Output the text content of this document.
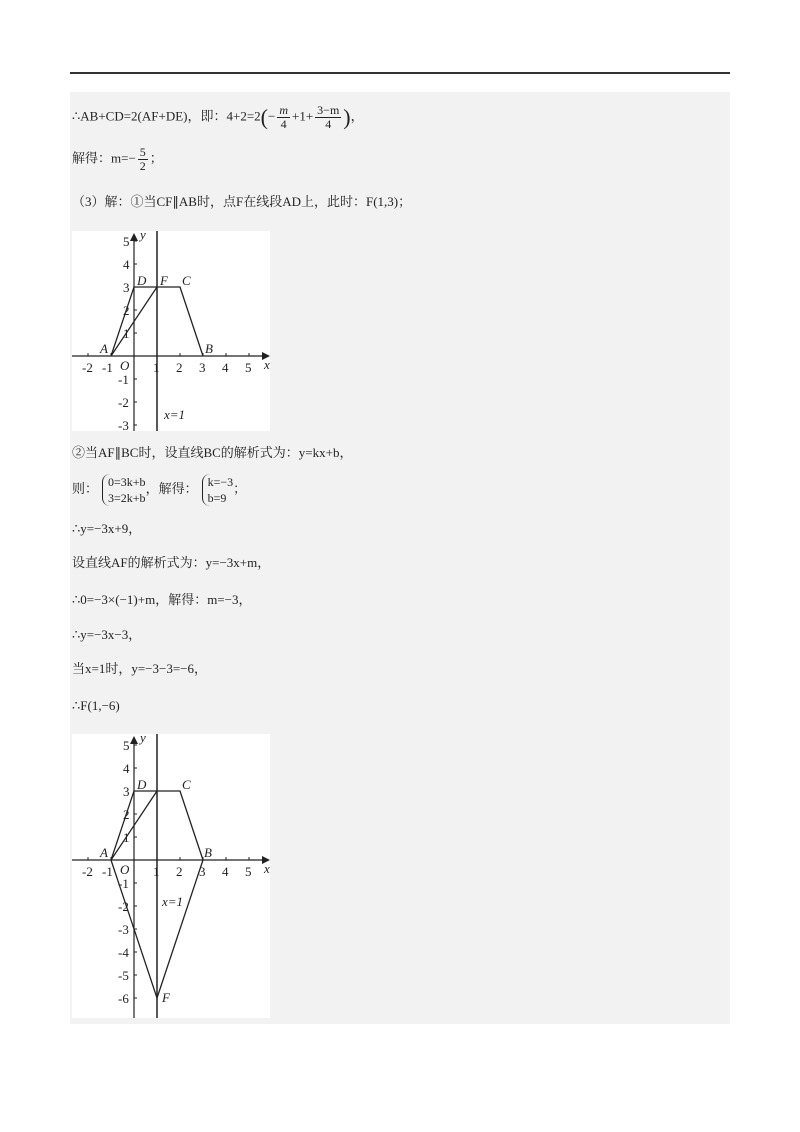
∴AB+CD=2(AF+DE)，即：$4+2=2(- \frac{m}{4} +1+ \frac{3-m}{4}$ )，
解得：$m=- \frac{5}{2}$ ；
（3）解：①当CF∥AB时，点F在线段AD上，此时：F(1,3)；
-2 -1	1 2 3 4 5
5
4
3
2
1
-1
-2
-3
O	x
y
A	B
C
D F
x=1
②当AF∥BC时，设直线BC的解析式为：y=kx+b，
则： 0=3k+b
3=2k+b
，解得： k=−3
b=9
；
∴y=−3x+9，
设直线AF的解析式为：y=−3x+m，
∴0=−3×(−1)+m，解得：m=−3，
∴y=−3x−3，
当x=1时，y=−3−3=−6，
∴F(1,−6)
-2 -1	1 2 3 4 5
5
4
3
2
1
-1
-2
-3
-4
-5
-6
O	x
y
A	B
C
D
F
x=1
